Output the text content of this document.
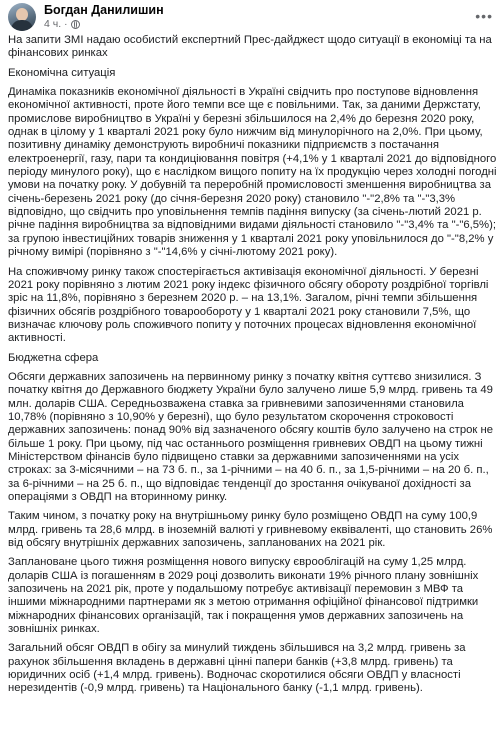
Богдан Данилишин
4 ч. ·
•••

На запити ЗМІ надаю особистий експертний Прес-дайджест щодо ситуації в економіці та на фінансових ринках

Економічна ситуація

Динаміка показників економічної діяльності в Україні свідчить про поступове відновлення економічної активності, проте його темпи все ще є повільними. Так, за даними Держстату, промислове виробництво в Україні у березні збільшилося на 2,4% до березня 2020 року, однак в цілому у 1 кварталі 2021 року було нижчим від минулорічного на 2,0%. При цьому, позитивну динаміку демонструють виробничі показники підприємств з постачання електроенергії, газу, пари та кондиціювання повітря (+4,1% у 1 кварталі 2021 до відповідного періоду минулого року), що є наслідком вищого попиту на їх продукцію через холодні погодні умови на початку року. У добувній та переробній промисловості зменшення виробництва за січень-березень 2021 року (до січня-березня 2020 року) становило "-"2,8% та "-"3,3% відповідно, що свідчить про уповільнення темпів падіння випуску (за січень-лютий 2021 р. річне падіння виробництва за відповідними видами діяльності становило "-"3,4% та "-"6,5%); за групою інвестиційних товарів зниження у 1 кварталі 2021 року уповільнилося до "-"8,2% у річному вимірі (порівняно з "-"14,6% у січні-лютому 2021 року).

На споживчому ринку також спостерігається активізація економічної діяльності. У березні 2021 року порівняно з лютим 2021 року індекс фізичного обсягу обороту роздрібної торгівлі зріс на 11,8%, порівняно з березнем 2020 р. – на 13,1%. Загалом, річні темпи збільшення фізичних обсягів роздрібного товарообороту у 1 кварталі 2021 року становили 7,5%, що визначає ключову роль споживчого попиту у поточних процесах відновлення економічної активності.

Бюджетна сфера

Обсяги державних запозичень на первинному ринку з початку квітня суттєво знизилися. З початку квітня до Державного бюджету України було залучено лише 5,9 млрд. гривень та 49 млн. доларів США. Середньозважена ставка за гривневими запозиченнями становила 10,78% (порівняно з 10,90% у березні), що було результатом скорочення строковості державних запозичень: понад 90% від зазначеного обсягу коштів було залучено на строк не більше 1 року. При цьому, під час останнього розміщення гривневих ОВДП на цьому тижні Міністерством фінансів було підвищено ставки за державними запозиченнями на усіх строках: за 3-місячними – на 73 б. п., за 1-річними – на 40 б. п., за 1,5-річними – на 20 б. п., за 6-річними – на 25 б. п., що відповідає тенденції до зростання очікуваної дохідності за операціями з ОВДП на вторинному ринку.

Таким чином, з початку року на внутрішньому ринку було розміщено ОВДП на суму 100,9 млрд. гривень та 28,6 млрд. в іноземній валюті у гривневому еквіваленті, що становить 26% від обсягу внутрішніх державних запозичень, запланованих на 2021 рік.

Заплановане цього тижня розміщення нового випуску єврооблігацій на суму 1,25 млрд. доларів США із погашенням в 2029 році дозволить виконати 19% річного плану зовнішніх запозичень на 2021 рік, проте у подальшому потребує активізації перемовин з МВФ та іншими міжнародними партнерами як з метою отримання офіційної фінансової підтримки міжнародних фінансових організацій, так і покращення умов державних запозичень на зовнішніх ринках.

Загальний обсяг ОВДП в обігу за минулий тиждень збільшився на 3,2 млрд. гривень за рахунок збільшення вкладень в державні цінні папери банків (+3,8 млрд. гривень) та юридичних осіб (+1,4 млрд. гривень). Водночас скоротилися обсяги ОВДП у власності нерезидентів (-0,9 млрд. гривень) та Національного банку (-1,1 млрд. гривень).
